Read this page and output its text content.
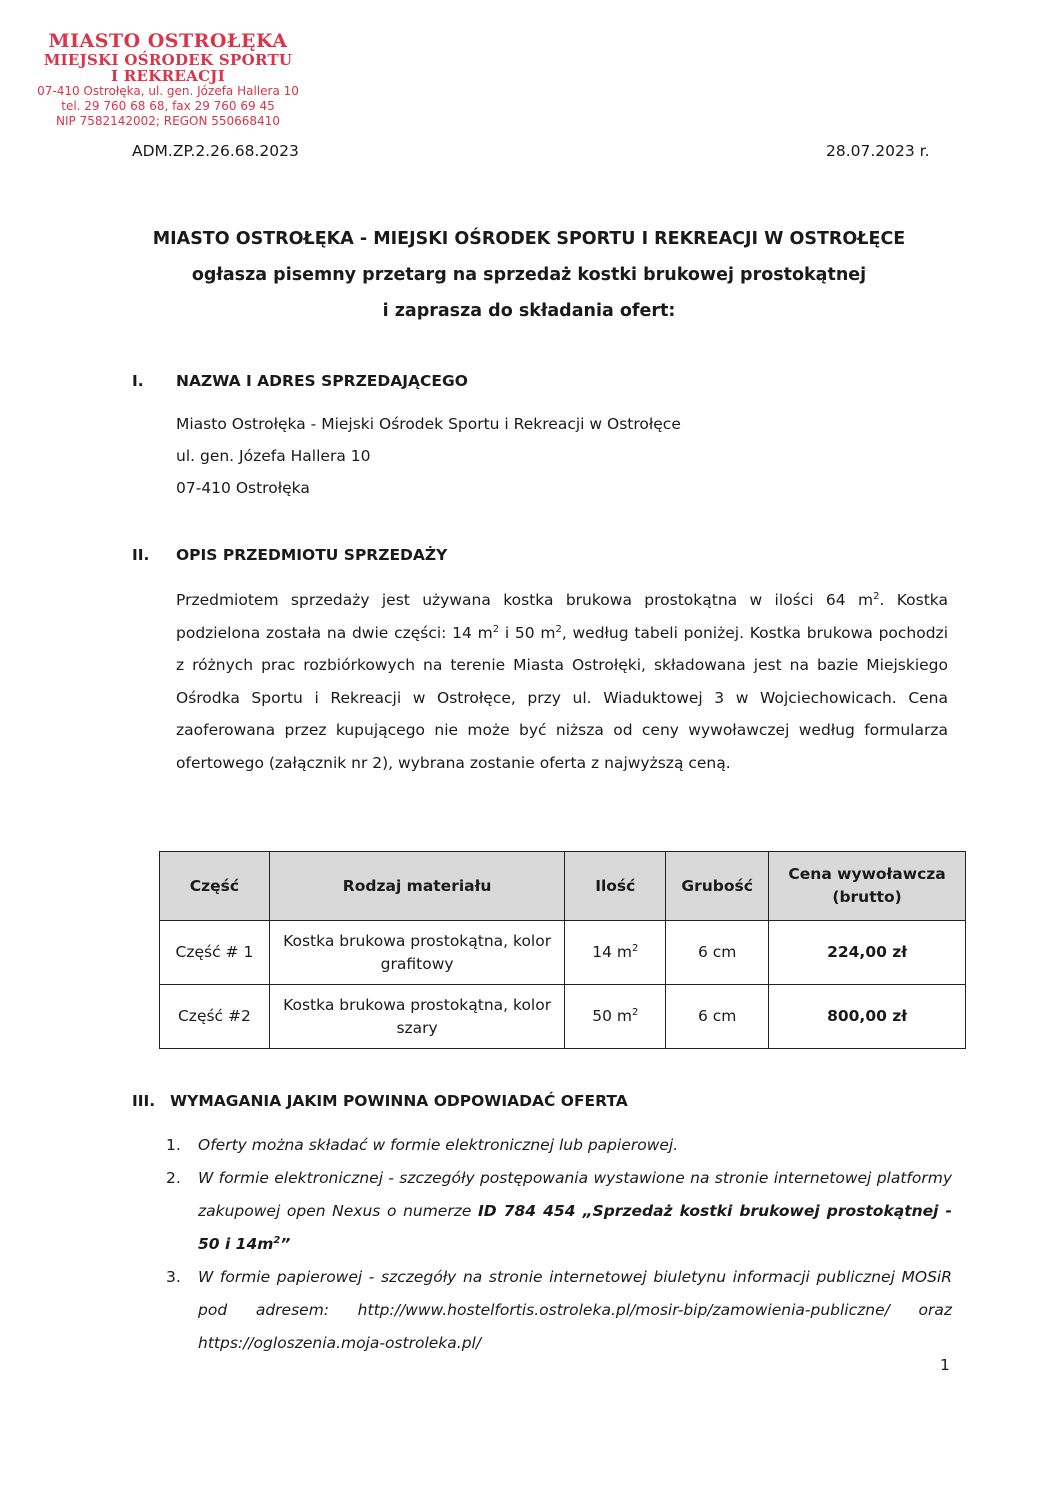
MIASTO OSTROŁĘKA
MIEJSKI OŚRODEK SPORTU
I REKREACJI
07-410 Ostrołęka, ul. gen. Józefa Hallera 10
tel. 29 760 68 68, fax 29 760 69 45
NIP 7582142002; REGON 550668410
ADM.ZP.2.26.68.2023	28.07.2023 r.
MIASTO OSTROŁĘKA - MIEJSKI OŚRODEK SPORTU I REKREACJI W OSTROŁĘCE
ogłasza pisemny przetarg na sprzedaż kostki brukowej prostokątnej
i zaprasza do składania ofert:
I. NAZWA I ADRES SPRZEDAJĄCEGO
Miasto Ostrołęka - Miejski Ośrodek Sportu i Rekreacji w Ostrołęce
ul. gen. Józefa Hallera 10
07-410 Ostrołęka
II. OPIS PRZEDMIOTU SPRZEDAŻY
Przedmiotem sprzedaży jest używana kostka brukowa prostokątna w ilości 64 $m^2$. Kostka podzielona została na dwie części: 14 $m^2$ i 50 $m^2$, według tabeli poniżej. Kostka brukowa pochodzi z różnych prac rozbiórkowych na terenie Miasta Ostrołęki, składowana jest na bazie Miejskiego Ośrodka Sportu i Rekreacji w Ostrołęce, przy ul. Wiaduktowej 3 w Wojciechowicach. Cena zaoferowana przez kupującego nie może być niższa od ceny wywoławczej według formularza ofertowego (załącznik nr 2), wybrana zostanie oferta z najwyższą ceną.
Część	Rodzaj materiału	Ilość	Grubość	Cena wywoławcza (brutto)
Część # 1	Kostka brukowa prostokątna, kolor grafitowy	14 $m^2$	6 cm	224,00 zł
Część #2	Kostka brukowa prostokątna, kolor szary	50 $m^2$	6 cm	800,00 zł
III. WYMAGANIA JAKIM POWINNA ODPOWIADAĆ OFERTA
1. Oferty można składać w formie elektronicznej lub papierowej.
2. W formie elektronicznej - szczegóły postępowania wystawione na stronie internetowej platformy zakupowej open Nexus o numerze ID 784 454 „Sprzedaż kostki brukowej prostokątnej - 50 i $14m^2$”
3. W formie papierowej - szczegóły na stronie internetowej biuletynu informacji publicznej MOSiR pod adresem: http://www.hostelfortis.ostroleka.pl/mosir-bip/zamowienia-publiczne/ oraz https://ogloszenia.moja-ostroleka.pl/
1
